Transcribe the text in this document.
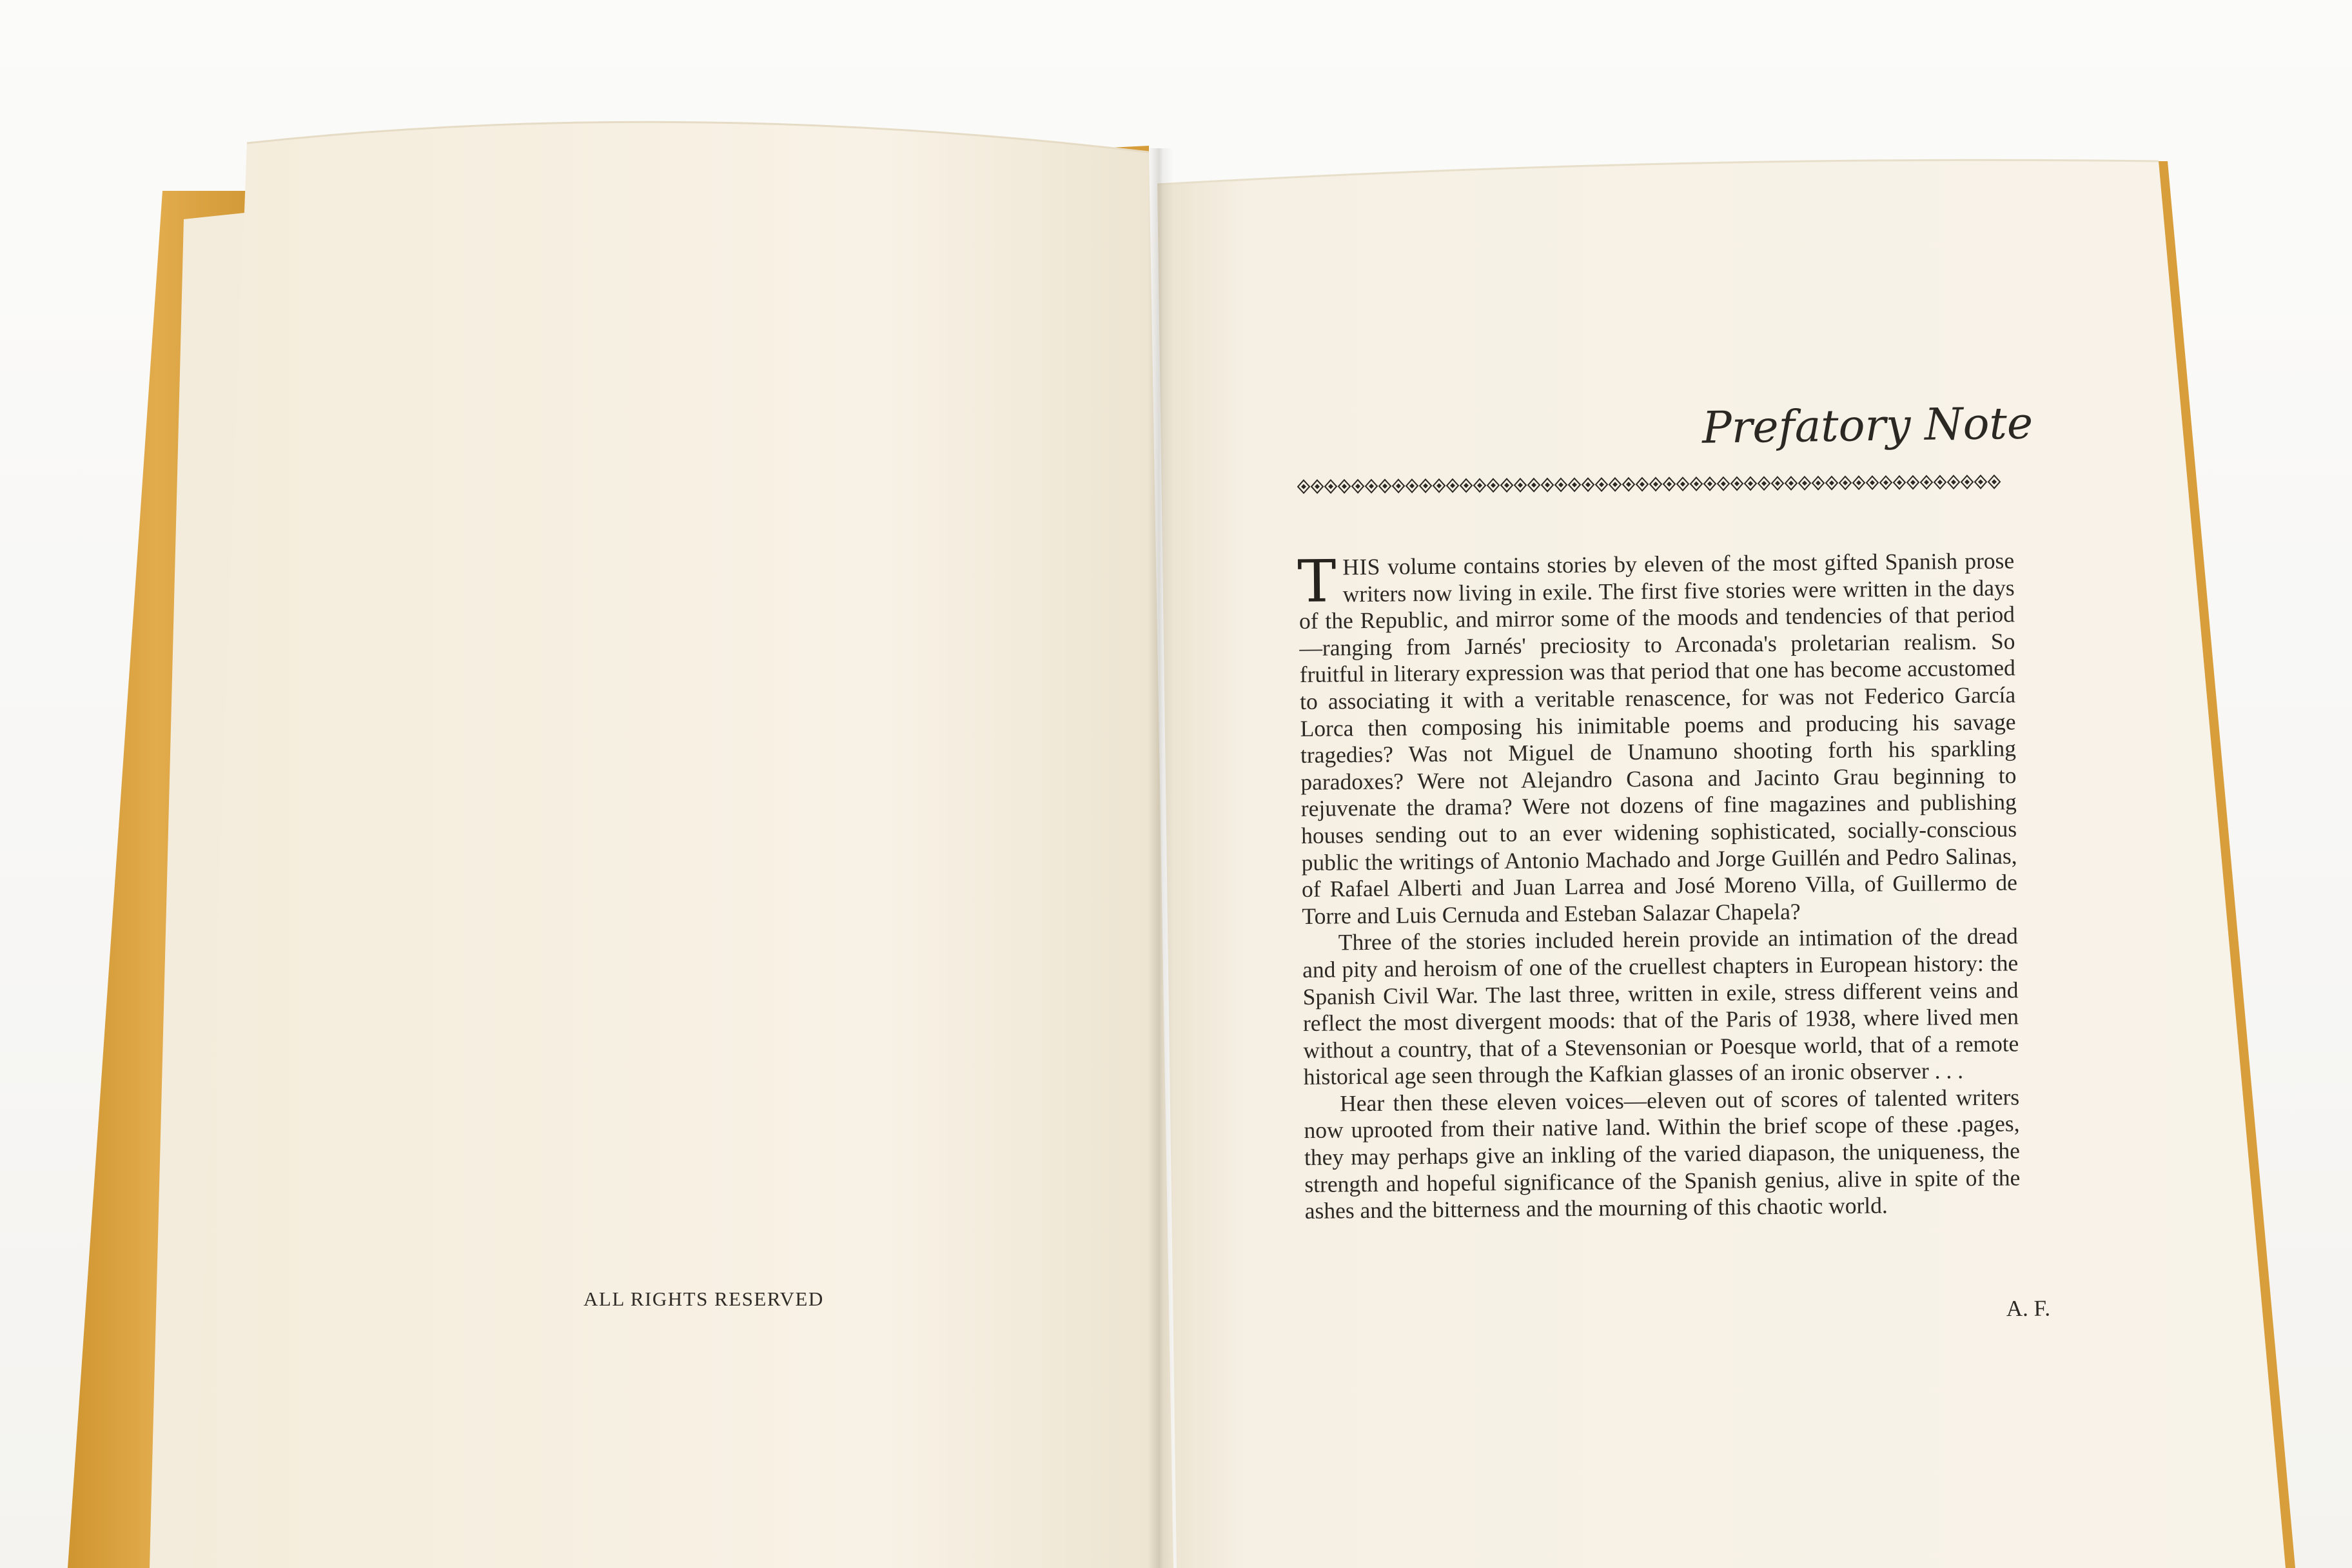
ALL RIGHTS RESERVED
Prefatory Note

THIS volume contains stories by eleven of the most gifted Spanish prose writers now living in exile. The first five stories were written in the days of the Republic, and mirror some of the moods and tendencies of that period—ranging from Jarnés' preciosity to Arconada's proletarian realism. So fruitful in literary expression was that period that one has become accustomed to associating it with a veritable renascence, for was not Federico García Lorca then composing his inimitable poems and producing his savage tragedies? Was not Miguel de Unamuno shooting forth his sparkling paradoxes? Were not Alejandro Casona and Jacinto Grau beginning to rejuvenate the drama? Were not dozens of fine magazines and publishing houses sending out to an ever widening sophisticated, socially-conscious public the writings of Antonio Machado and Jorge Guillén and Pedro Salinas, of Rafael Alberti and Juan Larrea and José Moreno Villa, of Guillermo de Torre and Luis Cernuda and Esteban Salazar Chapela?

Three of the stories included herein provide an intimation of the dread and pity and heroism of one of the cruellest chapters in European history: the Spanish Civil War. The last three, written in exile, stress different veins and reflect the most divergent moods: that of the Paris of 1938, where lived men without a country, that of a Stevensonian or Poesque world, that of a remote historical age seen through the Kafkian glasses of an ironic observer . . .

Hear then these eleven voices—eleven out of scores of talented writers now uprooted from their native land. Within the brief scope of these .pages, they may perhaps give an inkling of the varied diapason, the uniqueness, the strength and hopeful significance of the Spanish genius, alive in spite of the ashes and the bitterness and the mourning of this chaotic world.

A. F.
